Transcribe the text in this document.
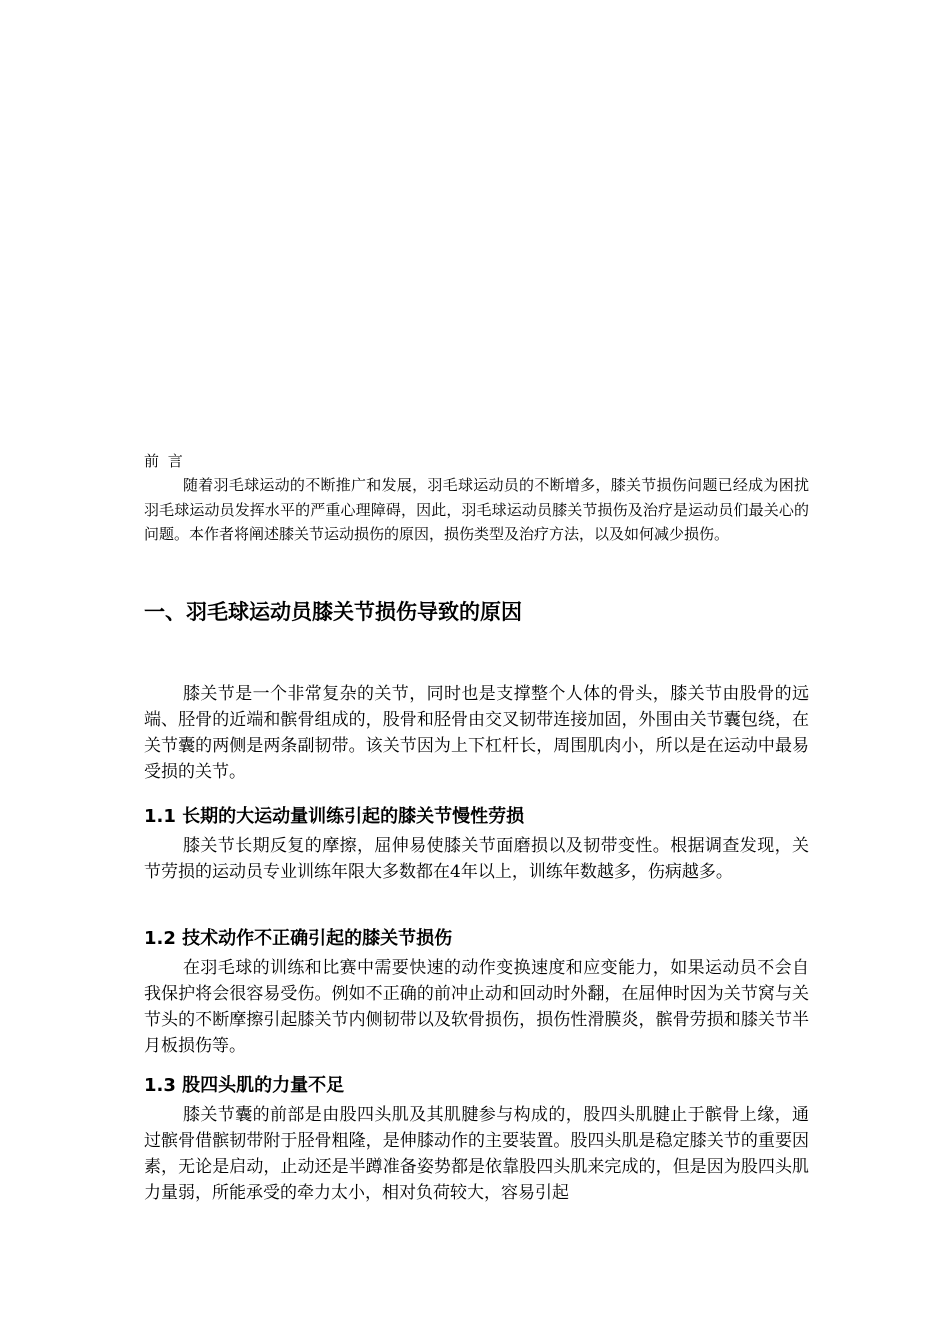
前 言

随着羽毛球运动的不断推广和发展，羽毛球运动员的不断增多，膝关节损伤问题已经成为困扰羽毛球运动员发挥水平的严重心理障碍，因此，羽毛球运动员膝关节损伤及治疗是运动员们最关心的问题。本作者将阐述膝关节运动损伤的原因，损伤类型及治疗方法，以及如何减少损伤。

一、羽毛球运动员膝关节损伤导致的原因

膝关节是一个非常复杂的关节，同时也是支撑整个人体的骨头，膝关节由股骨的远端、胫骨的近端和髌骨组成的，股骨和胫骨由交叉韧带连接加固，外围由关节囊包绕，在关节囊的两侧是两条副韧带。该关节因为上下杠杆长，周围肌肉小，所以是在运动中最易受损的关节。

1.1 长期的大运动量训练引起的膝关节慢性劳损

膝关节长期反复的摩擦，屈伸易使膝关节面磨损以及韧带变性。根据调查发现，关节劳损的运动员专业训练年限大多数都在4年以上，训练年数越多，伤病越多。

1.2 技术动作不正确引起的膝关节损伤

在羽毛球的训练和比赛中需要快速的动作变换速度和应变能力，如果运动员不会自我保护将会很容易受伤。例如不正确的前冲止动和回动时外翻，在屈伸时因为关节窝与关节头的不断摩擦引起膝关节内侧韧带以及软骨损伤，损伤性滑膜炎，髌骨劳损和膝关节半月板损伤等。

1.3 股四头肌的力量不足

膝关节囊的前部是由股四头肌及其肌腱参与构成的，股四头肌腱止于髌骨上缘，通过髌骨借髌韧带附于胫骨粗隆，是伸膝动作的主要装置。股四头肌是稳定膝关节的重要因素，无论是启动，止动还是半蹲准备姿势都是依靠股四头肌来完成的，但是因为股四头肌力量弱，所能承受的牵力太小，相对负荷较大，容易引起
